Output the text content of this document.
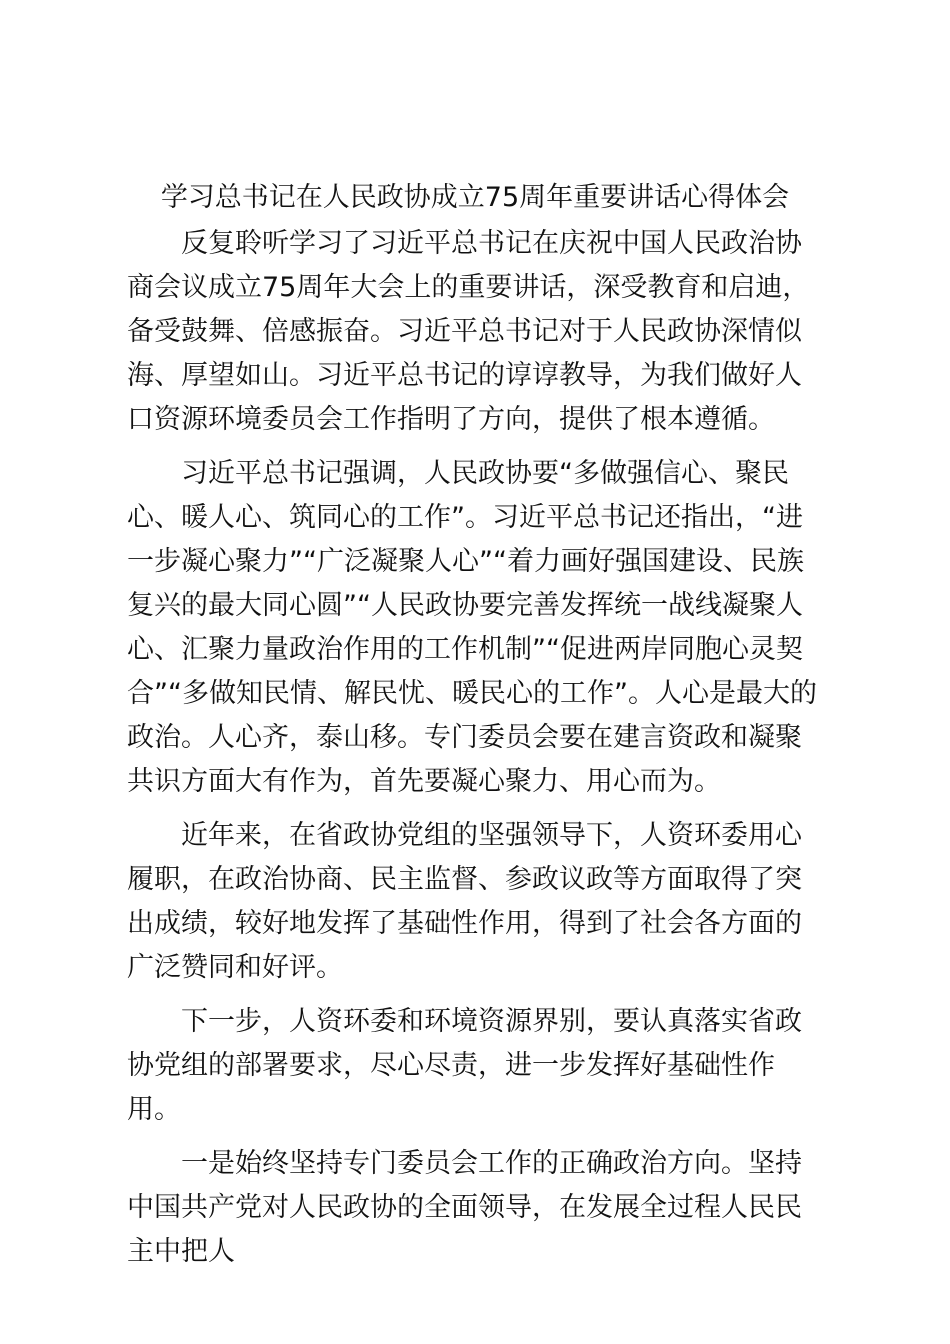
学习总书记在人民政协成立75周年重要讲话心得体会

反复聆听学习了习近平总书记在庆祝中国人民政治协商会议成立75周年大会上的重要讲话，深受教育和启迪，备受鼓舞、倍感振奋。习近平总书记对于人民政协深情似海、厚望如山。习近平总书记的谆谆教导，为我们做好人口资源环境委员会工作指明了方向，提供了根本遵循。

习近平总书记强调，人民政协要“多做强信心、聚民心、暖人心、筑同心的工作”。习近平总书记还指出，“进一步凝心聚力”“广泛凝聚人心”“着力画好强国建设、民族复兴的最大同心圆”“人民政协要完善发挥统一战线凝聚人心、汇聚力量政治作用的工作机制”“促进两岸同胞心灵契合”“多做知民情、解民忧、暖民心的工作”。人心是最大的政治。人心齐，泰山移。专门委员会要在建言资政和凝聚共识方面大有作为，首先要凝心聚力、用心而为。

近年来，在省政协党组的坚强领导下，人资环委用心履职，在政治协商、民主监督、参政议政等方面取得了突出成绩，较好地发挥了基础性作用，得到了社会各方面的广泛赞同和好评。

下一步，人资环委和环境资源界别，要认真落实省政协党组的部署要求，尽心尽责，进一步发挥好基础性作用。

一是始终坚持专门委员会工作的正确政治方向。坚持中国共产党对人民政协的全面领导，在发展全过程人民民主中把人
